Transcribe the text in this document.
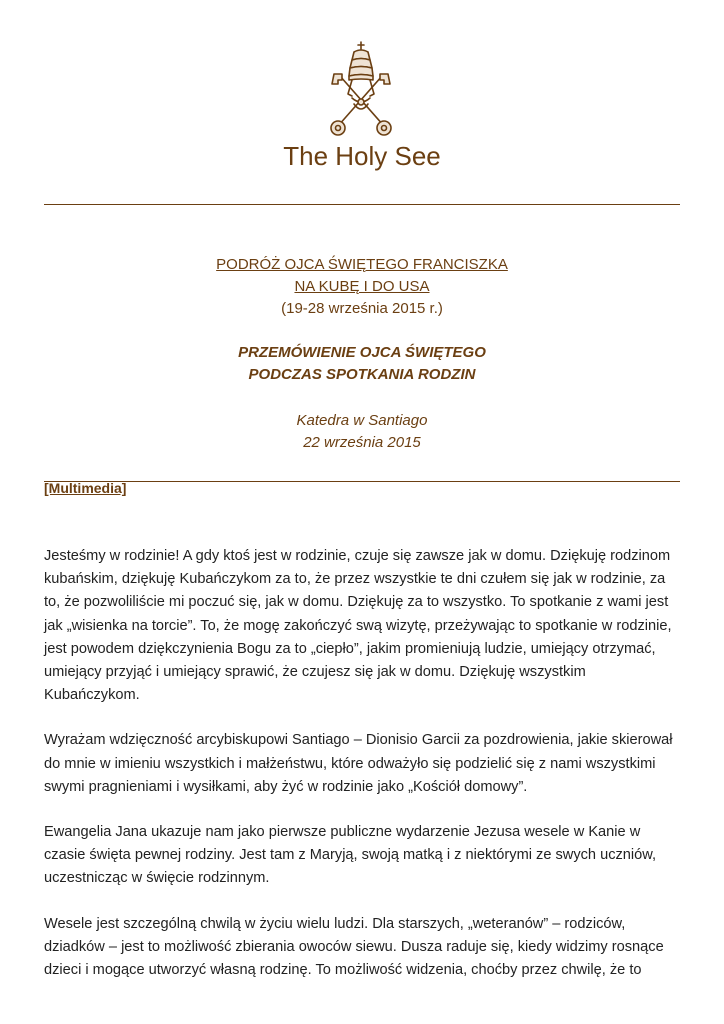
The Holy See
PODRÓŻ OJCA ŚWIĘTEGO FRANCISZKA
NA KUBĘ I DO USA
(19-28 września 2015 r.)
PRZEMÓWIENIE OJCA ŚWIĘTEGO
PODCZAS SPOTKANIA RODZIN
Katedra w Santiago
22 września 2015
[Multimedia]

Jesteśmy w rodzinie! A gdy ktoś jest w rodzinie, czuje się zawsze jak w domu. Dziękuję rodzinom kubańskim, dziękuję Kubańczykom za to, że przez wszystkie te dni czułem się jak w rodzinie, za to, że pozwoliliście mi poczuć się, jak w domu. Dziękuję za to wszystko. To spotkanie z wami jest jak „wisienka na torcie”. To, że mogę zakończyć swą wizytę, przeżywając to spotkanie w rodzinie, jest powodem dziękczynienia Bogu za to „ciepło”, jakim promieniują ludzie, umiejący otrzymać, umiejący przyjąć i umiejący sprawić, że czujesz się jak w domu. Dziękuję wszystkim Kubańczykom.

Wyrażam wdzięczność arcybiskupowi Santiago – Dionisio Garcii za pozdrowienia, jakie skierował do mnie w imieniu wszystkich i małżeństwu, które odważyło się podzielić się z nami wszystkimi swymi pragnieniami i wysiłkami, aby żyć w rodzinie jako „Kościół domowy”.

Ewangelia Jana ukazuje nam jako pierwsze publiczne wydarzenie Jezusa wesele w Kanie w czasie święta pewnej rodziny. Jest tam z Maryją, swoją matką i z niektórymi ze swych uczniów, uczestnicząc w święcie rodzinnym.

Wesele jest szczególną chwilą w życiu wielu ludzi. Dla starszych, „weteranów” – rodziców, dziadków – jest to możliwość zbierania owoców siewu. Dusza raduje się, kiedy widzimy rosnące dzieci i mogące utworzyć własną rodzinę. To możliwość widzenia, choćby przez chwilę, że to
